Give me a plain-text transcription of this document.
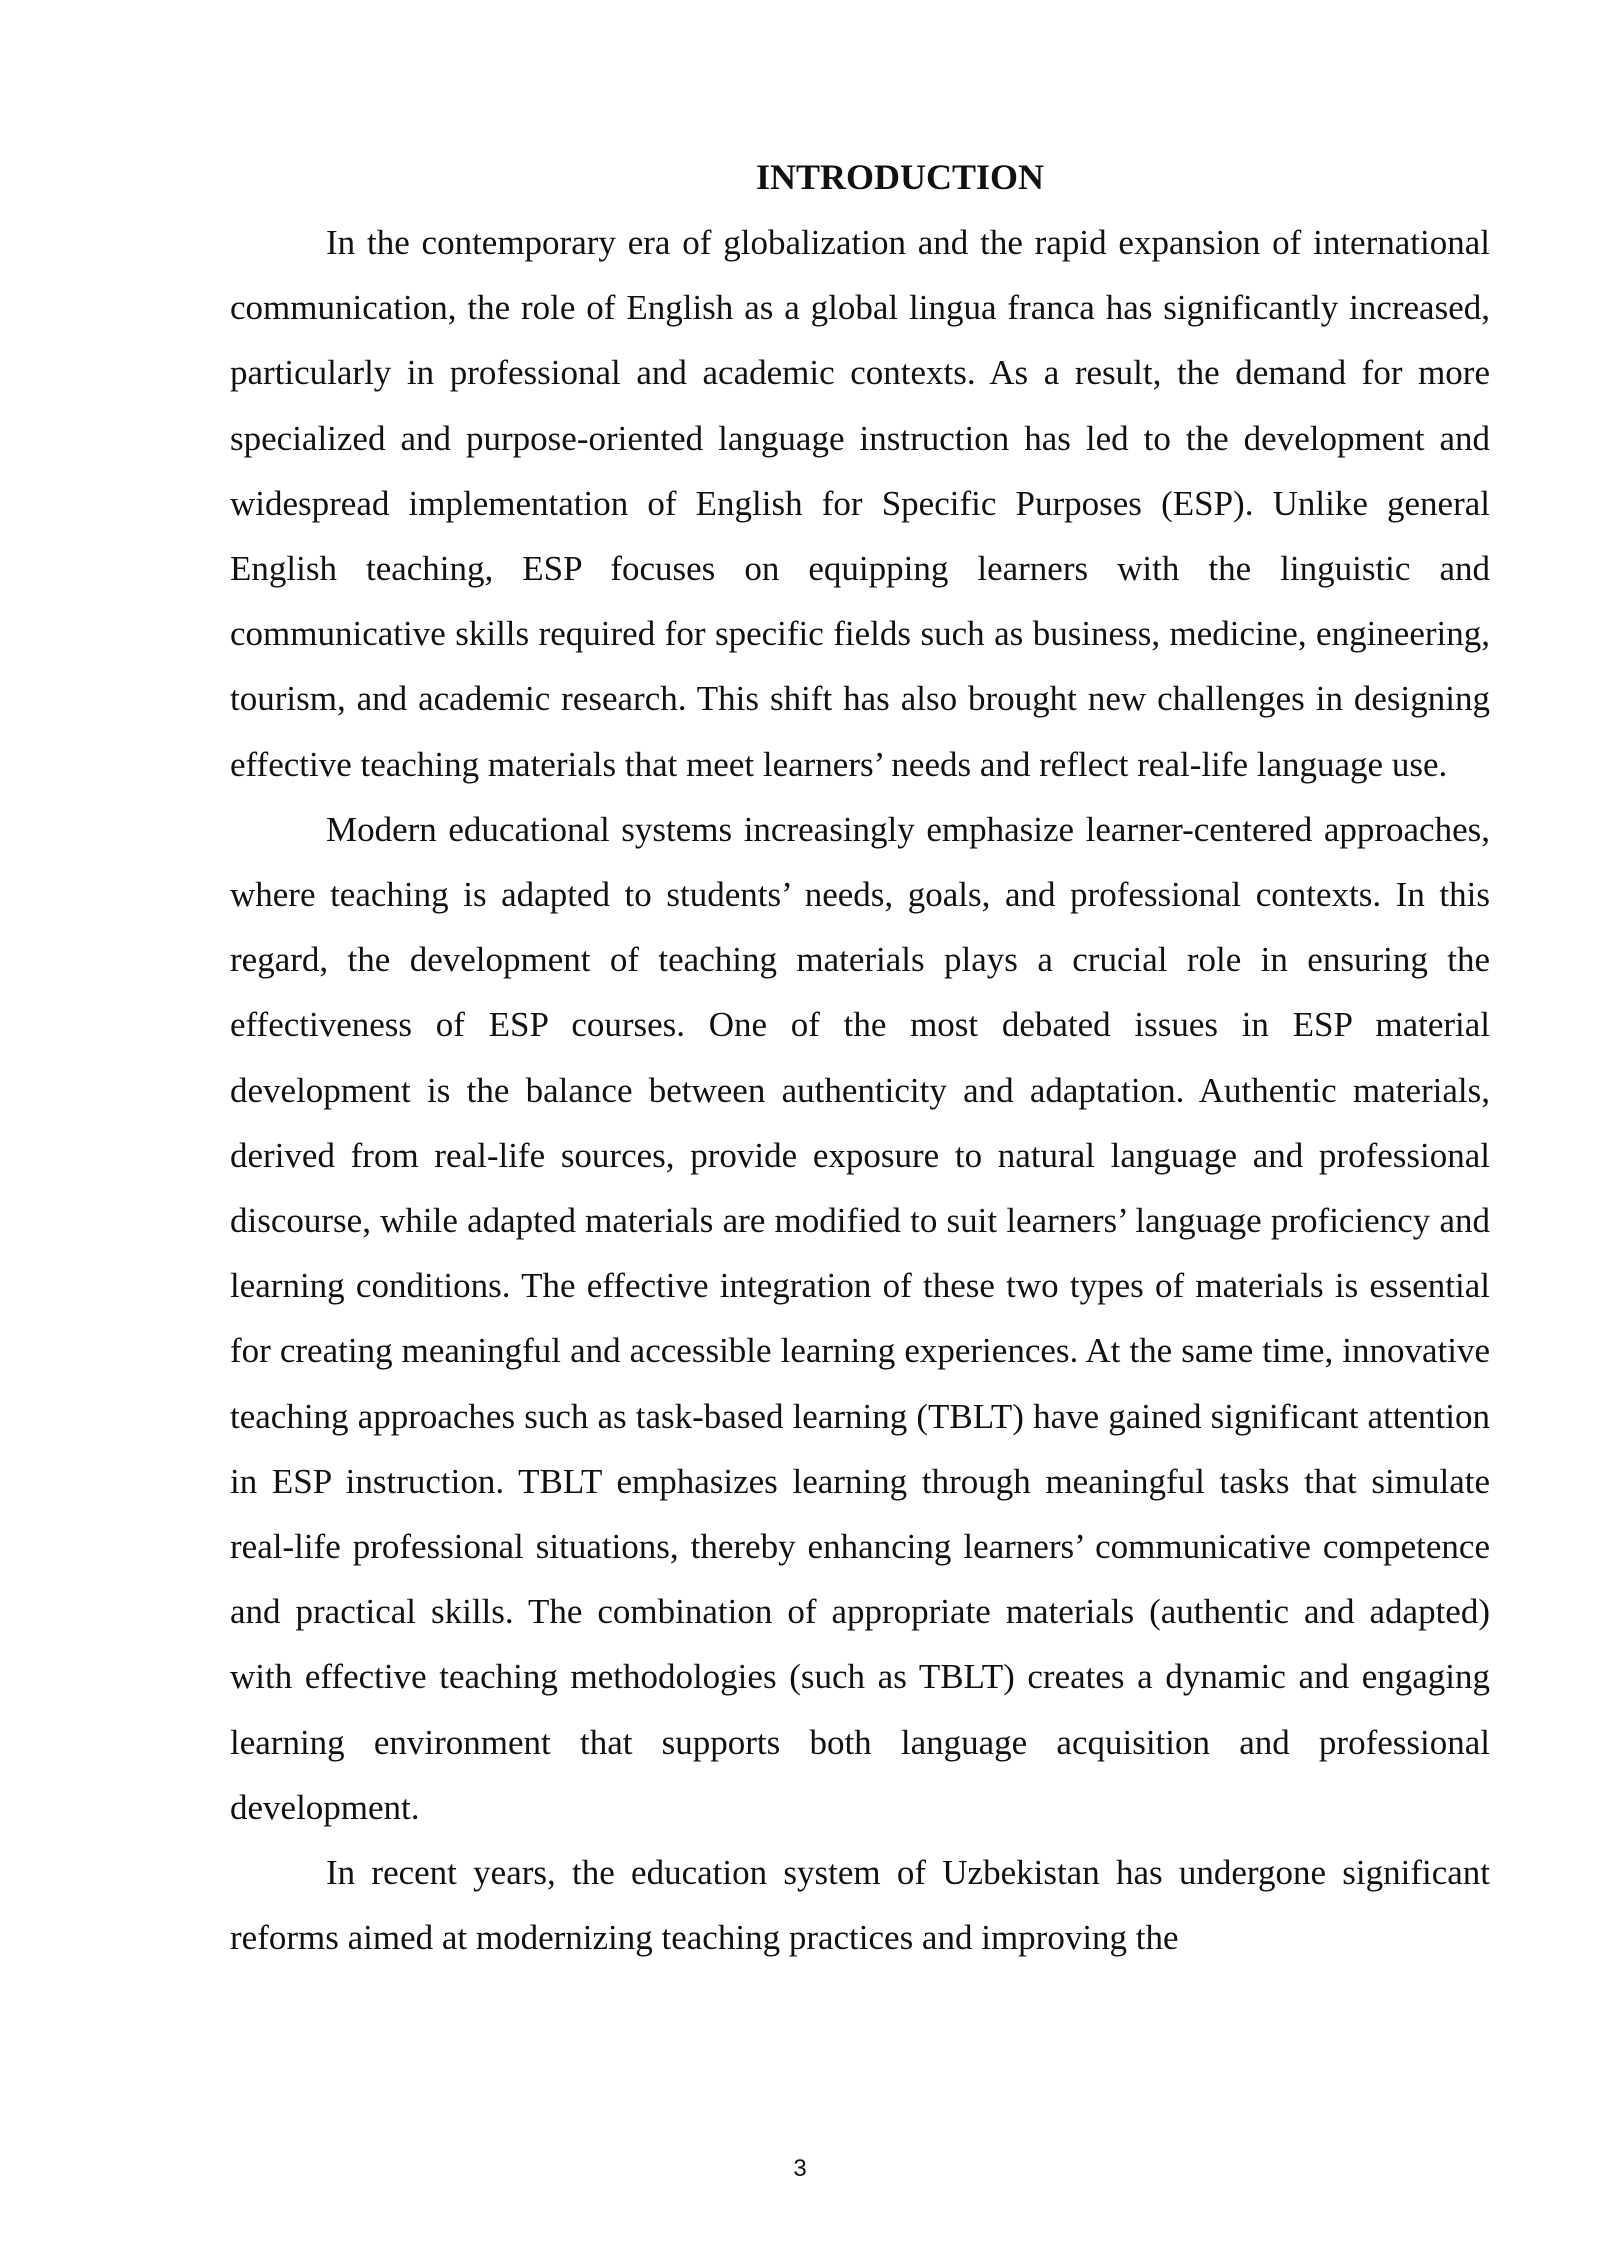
INTRODUCTION

In the contemporary era of globalization and the rapid expansion of international communication, the role of English as a global lingua franca has significantly increased, particularly in professional and academic contexts. As a result, the demand for more specialized and purpose-oriented language instruction has led to the development and widespread implementation of English for Specific Purposes (ESP). Unlike general English teaching, ESP focuses on equipping learners with the linguistic and communicative skills required for specific fields such as business, medicine, engineering, tourism, and academic research. This shift has also brought new challenges in designing effective teaching materials that meet learners’ needs and reflect real-life language use.

Modern educational systems increasingly emphasize learner-centered approaches, where teaching is adapted to students’ needs, goals, and professional contexts. In this regard, the development of teaching materials plays a crucial role in ensuring the effectiveness of ESP courses. One of the most debated issues in ESP material development is the balance between authenticity and adaptation. Authentic materials, derived from real-life sources, provide exposure to natural language and professional discourse, while adapted materials are modified to suit learners’ language proficiency and learning conditions. The effective integration of these two types of materials is essential for creating meaningful and accessible learning experiences. At the same time, innovative teaching approaches such as task-based learning (TBLT) have gained significant attention in ESP instruction. TBLT emphasizes learning through meaningful tasks that simulate real-life professional situations, thereby enhancing learners’ communicative competence and practical skills. The combination of appropriate materials (authentic and adapted) with effective teaching methodologies (such as TBLT) creates a dynamic and engaging learning environment that supports both language acquisition and professional development.

In recent years, the education system of Uzbekistan has undergone significant reforms aimed at modernizing teaching practices and improving the

3
